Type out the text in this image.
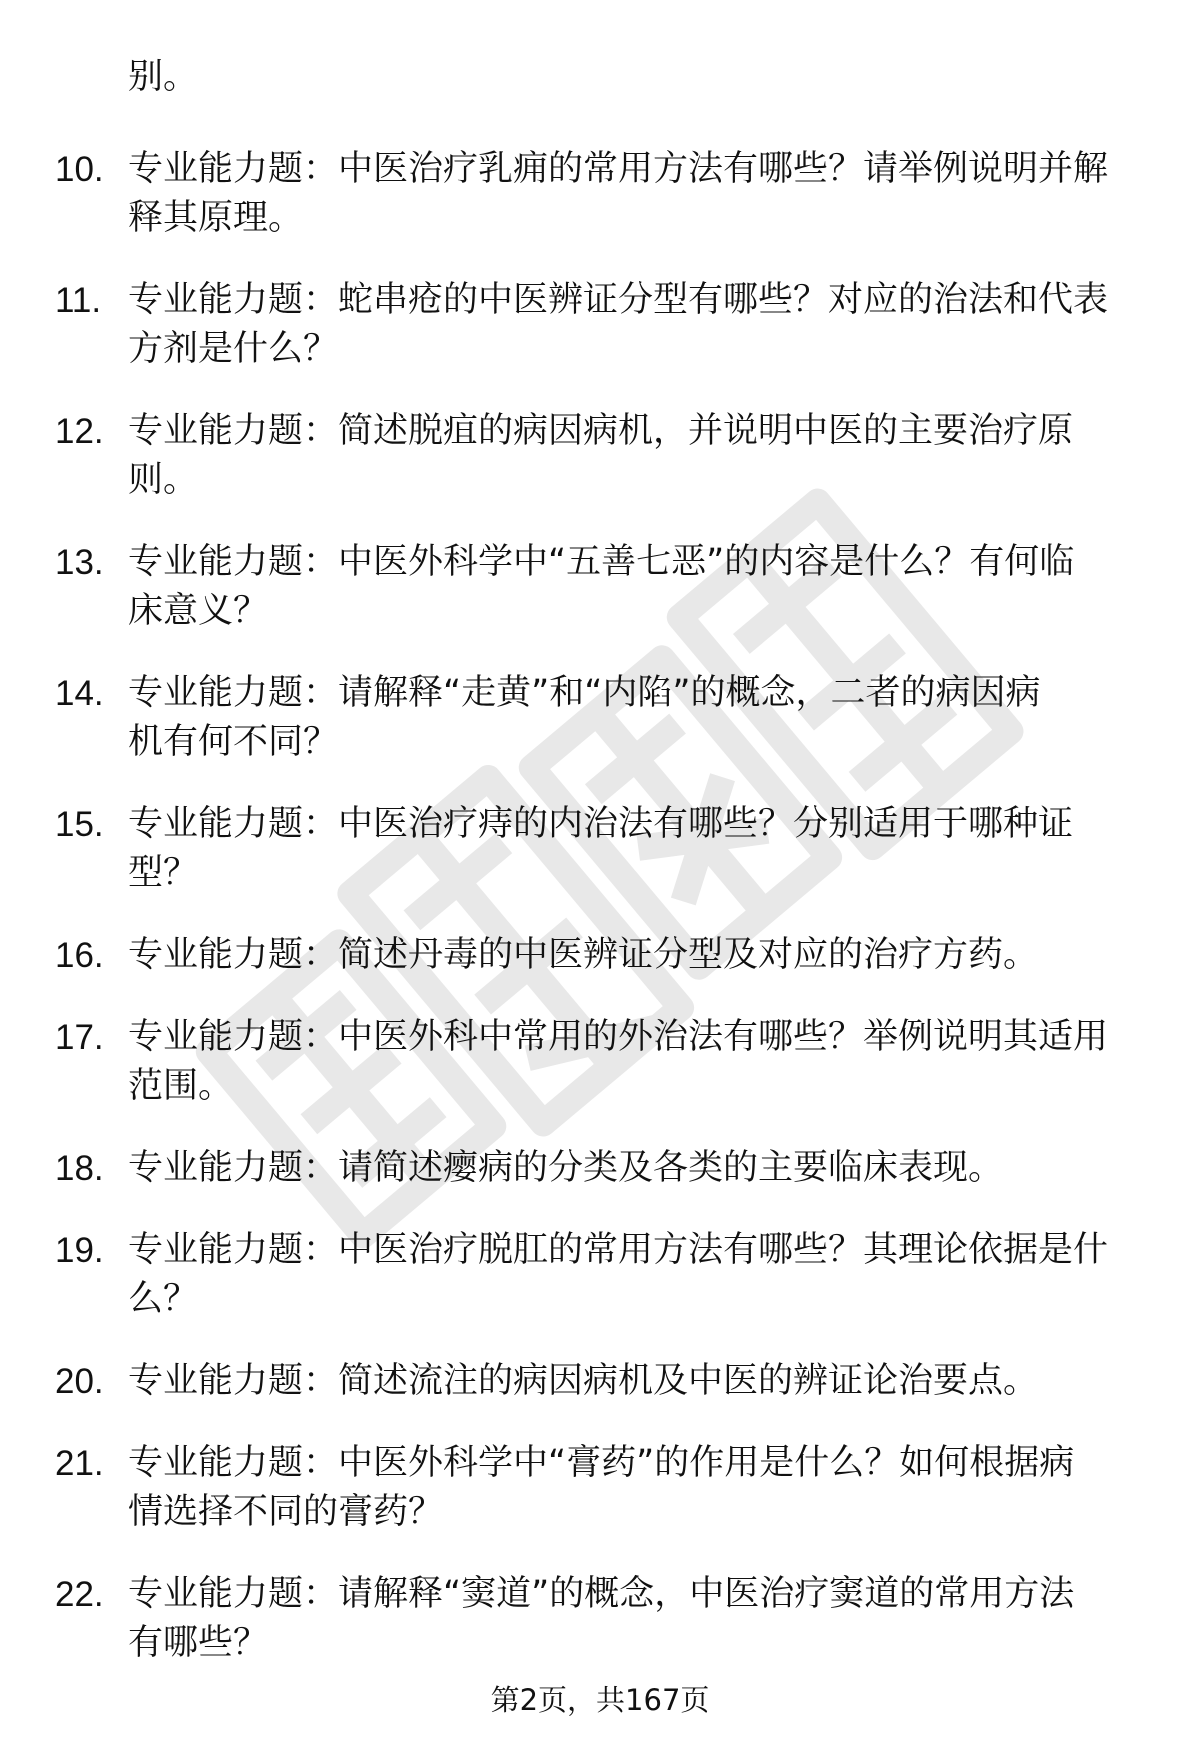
别。

10. 专业能力题：中医治疗乳痈的常用方法有哪些？请举例说明并解
释其原理。
11. 专业能力题：蛇串疮的中医辨证分型有哪些？对应的治法和代表
方剂是什么？
12. 专业能力题：简述脱疽的病因病机，并说明中医的主要治疗原
则。
13. 专业能力题：中医外科学中“五善七恶”的内容是什么？有何临
床意义？
14. 专业能力题：请解释“走黄”和“内陷”的概念，二者的病因病
机有何不同？
15. 专业能力题：中医治疗痔的内治法有哪些？分别适用于哪种证
型？
16. 专业能力题：简述丹毒的中医辨证分型及对应的治疗方药。
17. 专业能力题：中医外科中常用的外治法有哪些？举例说明其适用
范围。
18. 专业能力题：请简述瘿病的分类及各类的主要临床表现。
19. 专业能力题：中医治疗脱肛的常用方法有哪些？其理论依据是什
么？
20. 专业能力题：简述流注的病因病机及中医的辨证论治要点。
21. 专业能力题：中医外科学中“膏药”的作用是什么？如何根据病
情选择不同的膏药？
22. 专业能力题：请解释“窦道”的概念，中医治疗窦道的常用方法
有哪些？
第2页，共167页
